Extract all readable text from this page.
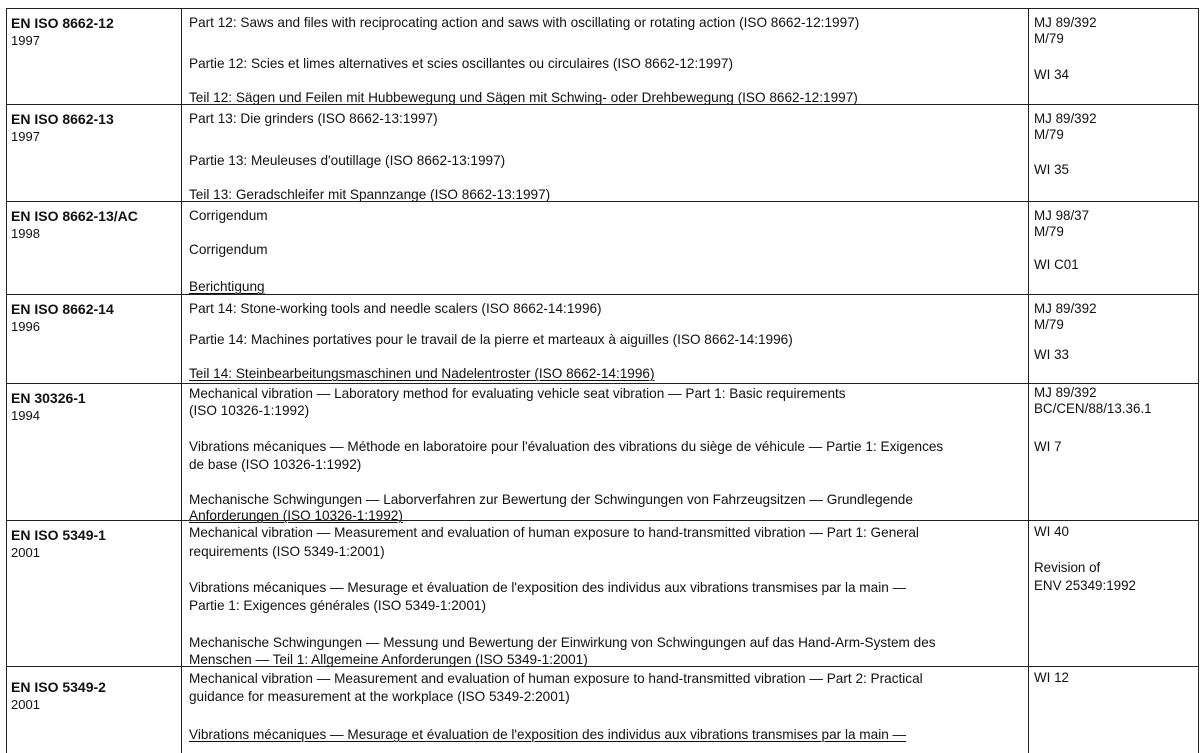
EN ISO 8662-12
1997
Part 12: Saws and files with reciprocating action and saws with oscillating or rotating action (ISO 8662-12:1997)
Partie 12: Scies et limes alternatives et scies oscillantes ou circulaires (ISO 8662-12:1997)
Teil 12: Sägen und Feilen mit Hubbewegung und Sägen mit Schwing- oder Drehbewegung (ISO 8662-12:1997)
MJ 89/392
M/79
WI 34
EN ISO 8662-13
1997
Part 13: Die grinders (ISO 8662-13:1997)
Partie 13: Meuleuses d'outillage (ISO 8662-13:1997)
Teil 13: Geradschleifer mit Spannzange (ISO 8662-13:1997)
MJ 89/392
M/79
WI 35
EN ISO 8662-13/AC
1998
Corrigendum
Corrigendum
Berichtigung
MJ 98/37
M/79
WI C01
EN ISO 8662-14
1996
Part 14: Stone-working tools and needle scalers (ISO 8662-14:1996)
Partie 14: Machines portatives pour le travail de la pierre et marteaux à aiguilles (ISO 8662-14:1996)
Teil 14: Steinbearbeitungsmaschinen und Nadelentroster (ISO 8662-14:1996)
MJ 89/392
M/79
WI 33
EN 30326-1
1994
Mechanical vibration — Laboratory method for evaluating vehicle seat vibration — Part 1: Basic requirements
(ISO 10326-1:1992)
Vibrations mécaniques — Méthode en laboratoire pour l'évaluation des vibrations du siège de véhicule — Partie 1: Exigences
de base (ISO 10326-1:1992)
Mechanische Schwingungen — Laborverfahren zur Bewertung der Schwingungen von Fahrzeugsitzen — Grundlegende
Anforderungen (ISO 10326-1:1992)
MJ 89/392
BC/CEN/88/13.36.1
WI 7
EN ISO 5349-1
2001
Mechanical vibration — Measurement and evaluation of human exposure to hand-transmitted vibration — Part 1: General
requirements (ISO 5349-1:2001)
Vibrations mécaniques — Mesurage et évaluation de l'exposition des individus aux vibrations transmises par la main —
Partie 1: Exigences générales (ISO 5349-1:2001)
Mechanische Schwingungen — Messung und Bewertung der Einwirkung von Schwingungen auf das Hand-Arm-System des
Menschen — Teil 1: Allgemeine Anforderungen (ISO 5349-1:2001)
WI 40
Revision of
ENV 25349:1992
EN ISO 5349-2
2001
Mechanical vibration — Measurement and evaluation of human exposure to hand-transmitted vibration — Part 2: Practical
guidance for measurement at the workplace (ISO 5349-2:2001)
Vibrations mécaniques — Mesurage et évaluation de l'exposition des individus aux vibrations transmises par la main —
WI 12
